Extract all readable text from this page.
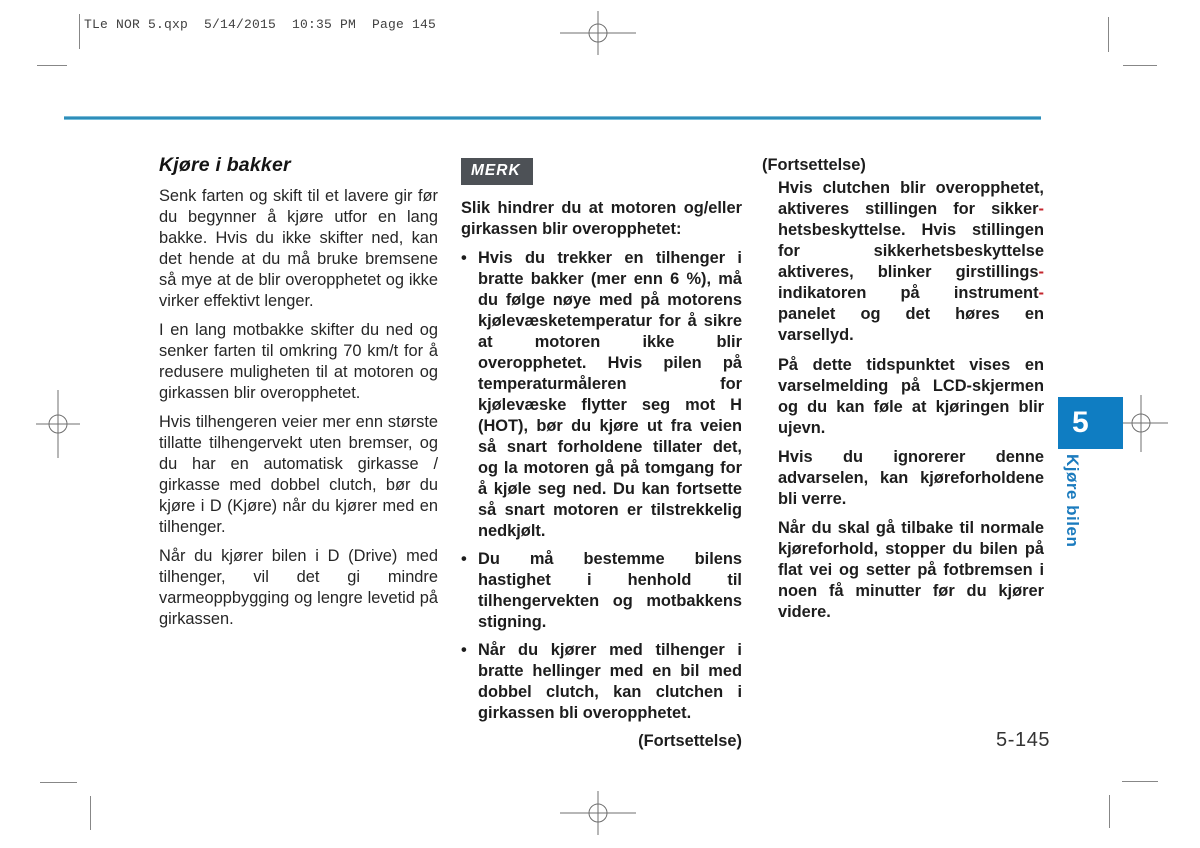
TLe NOR 5.qxp  5/14/2015  10:35 PM  Page 145
Kjøre i bakker
Senk farten og skift til et lavere gir før du begynner å kjøre utfor en lang bakke. Hvis du ikke skifter ned, kan det hende at du må bruke bremsene så mye at de blir overopphetet og ikke virker effektivt lenger.
I en lang motbakke skifter du ned og senker farten til omkring 70 km/t for å redusere muligheten til at motoren og girkassen blir overopphetet.
Hvis tilhengeren veier mer enn største tillatte tilhengervekt uten bremser, og du har en automatisk girkasse / girkasse med dobbel clutch, bør du kjøre i D (Kjøre) når du kjører med en tilhenger.
Når du kjører bilen i D (Drive) med tilhenger, vil det gi mindre varmeoppbygging og lengre levetid på girkassen.
MERK
Slik hindrer du at motoren og/eller girkassen blir overopphetet:
• Hvis du trekker en tilhenger i bratte bakker (mer enn 6 %), må du følge nøye med på motorens kjølevæsketemperatur for å sikre at motoren ikke blir overopphetet. Hvis pilen på temperaturmåleren for kjølevæske flytter seg mot H (HOT), bør du kjøre ut fra veien så snart forholdene tillater det, og la motoren gå på tomgang for å kjøle seg ned. Du kan fortsette så snart motoren er tilstrekkelig nedkjølt.
• Du må bestemme bilens hastighet i henhold til tilhengervekten og motbakkens stigning.
• Når du kjører med tilhenger i bratte hellinger med en bil med dobbel clutch, kan clutchen i girkassen bli overopphetet.
(Fortsettelse)
(Fortsettelse)
Hvis clutchen blir overopphetet,
aktiveres stillingen for sikker-
hetsbeskyttelse. Hvis stillingen
for sikkerhetsbeskyttelse
aktiveres, blinker girstillings-
indikatoren på instrument-
panelet og det høres en
varsellyd.
På dette tidspunktet vises en varselmelding på LCD-skjermen og du kan føle at kjøringen blir ujevn.
Hvis du ignorerer denne advarselen, kan kjøreforholdene bli verre.
Når du skal gå tilbake til normale kjøreforhold, stopper du bilen på flat vei og setter på fotbremsen i noen få minutter før du kjører videre.
5
Kjøre bilen
5-145
